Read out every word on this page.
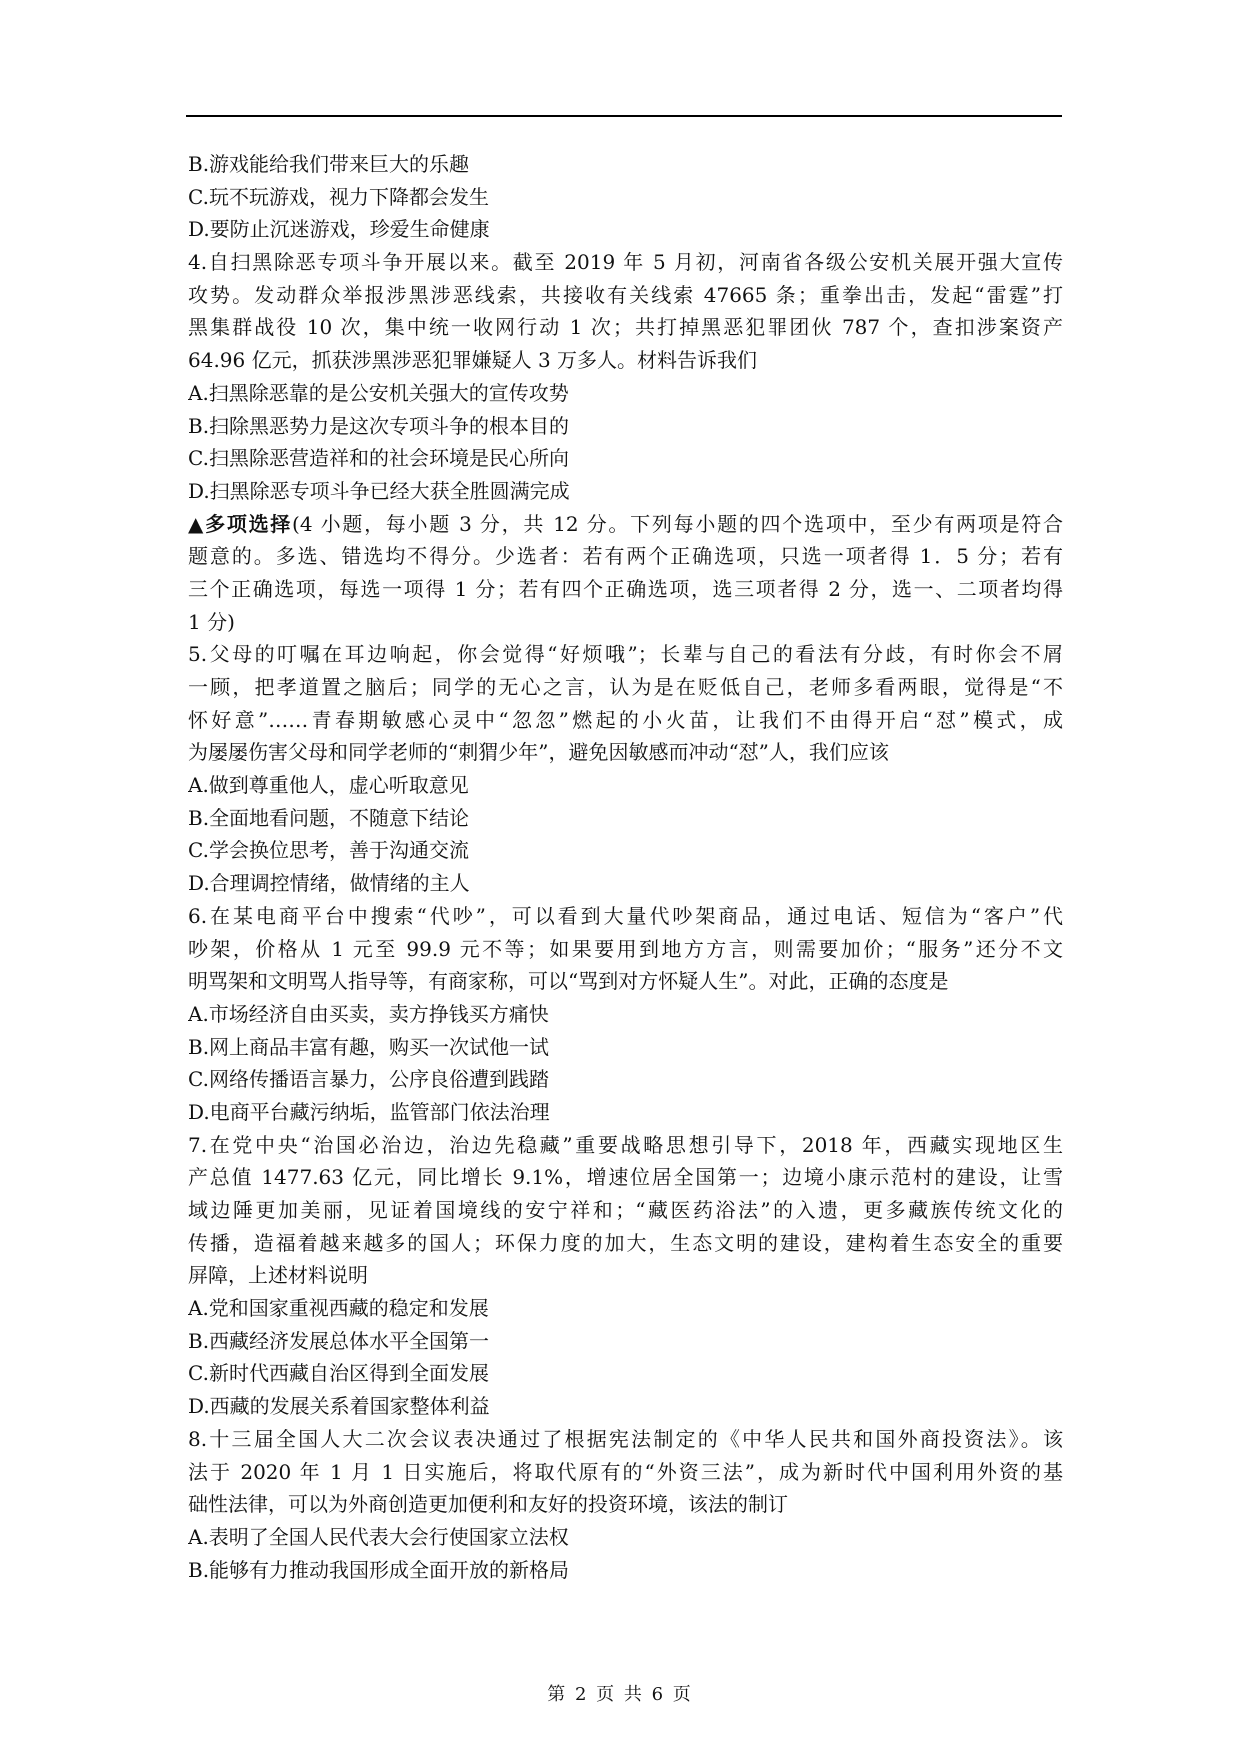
B.游戏能给我们带来巨大的乐趣
C.玩不玩游戏，视力下降都会发生
D.要防止沉迷游戏，珍爱生命健康
4.自扫黑除恶专项斗争开展以来。截至 2019 年 5 月初，河南省各级公安机关展开强大宣传
攻势。发动群众举报涉黑涉恶线索，共接收有关线索 47665 条；重拳出击，发起“雷霆”打
黑集群战役 10 次，集中统一收网行动 1 次；共打掉黑恶犯罪团伙 787 个，查扣涉案资产
64.96 亿元，抓获涉黑涉恶犯罪嫌疑人 3 万多人。材料告诉我们
A.扫黑除恶靠的是公安机关强大的宣传攻势
B.扫除黑恶势力是这次专项斗争的根本目的
C.扫黑除恶营造祥和的社会环境是民心所向
D.扫黑除恶专项斗争已经大获全胜圆满完成
▲多项选择(4 小题，每小题 3 分，共 12 分。下列每小题的四个选项中，至少有两项是符合
题意的。多选、错选均不得分。少选者：若有两个正确选项，只选一项者得 1．5 分；若有
三个正确选项，每选一项得 1 分；若有四个正确选项，选三项者得 2 分，选一、二项者均得
1 分)
5.父母的叮嘱在耳边响起，你会觉得“好烦哦”；长辈与自己的看法有分歧，有时你会不屑
一顾，把孝道置之脑后；同学的无心之言，认为是在贬低自己，老师多看两眼，觉得是“不
怀好意”……青春期敏感心灵中“忽忽”燃起的小火苗，让我们不由得开启“怼”模式，成
为屡屡伤害父母和同学老师的“刺猬少年”，避免因敏感而冲动“怼”人，我们应该
A.做到尊重他人，虚心听取意见
B.全面地看问题，不随意下结论
C.学会换位思考，善于沟通交流
D.合理调控情绪，做情绪的主人
6.在某电商平台中搜索“代吵”，可以看到大量代吵架商品，通过电话、短信为“客户”代
吵架，价格从 1 元至 99.9 元不等；如果要用到地方方言，则需要加价；“服务”还分不文
明骂架和文明骂人指导等，有商家称，可以“骂到对方怀疑人生”。对此，正确的态度是
A.市场经济自由买卖，卖方挣钱买方痛快
B.网上商品丰富有趣，购买一次试他一试
C.网络传播语言暴力，公序良俗遭到践踏
D.电商平台藏污纳垢，监管部门依法治理
7.在党中央“治国必治边，治边先稳藏”重要战略思想引导下，2018 年，西藏实现地区生
产总值 1477.63 亿元，同比增长 9.1%，增速位居全国第一；边境小康示范村的建设，让雪
域边陲更加美丽，见证着国境线的安宁祥和；“藏医药浴法”的入遗，更多藏族传统文化的
传播，造福着越来越多的国人；环保力度的加大，生态文明的建设，建构着生态安全的重要
屏障，上述材料说明
A.党和国家重视西藏的稳定和发展
B.西藏经济发展总体水平全国第一
C.新时代西藏自治区得到全面发展
D.西藏的发展关系着国家整体利益
8.十三届全国人大二次会议表决通过了根据宪法制定的《中华人民共和国外商投资法》。该
法于 2020 年 1 月 1 日实施后，将取代原有的“外资三法”，成为新时代中国利用外资的基
础性法律，可以为外商创造更加便利和友好的投资环境，该法的制订
A.表明了全国人民代表大会行使国家立法权
B.能够有力推动我国形成全面开放的新格局
第 2 页 共 6 页
